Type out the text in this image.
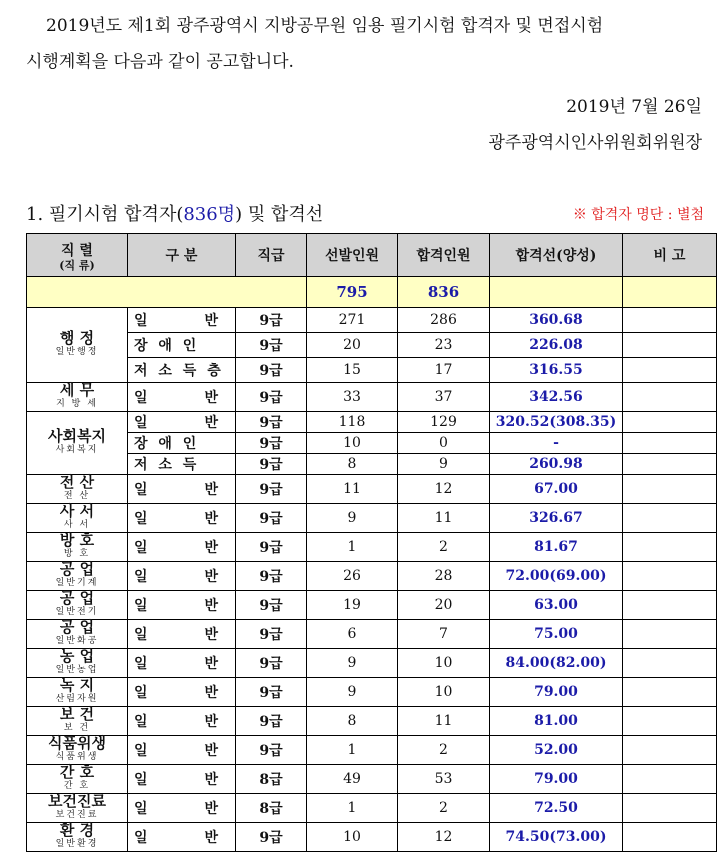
2019년도 제1회 광주광역시 지방공무원 임용 필기시험 합격자 및 면접시험
시행계획을 다음과 같이 공고합니다.
2019년 7월 26일
광주광역시인사위원회위원장
1. 필기시험 합격자(836명) 및 합격선	※ 합격자 명단 : 별첨
직 렬
(직 류)	구 분	직급	선발인원	합격인원	합격선(양성)	비 고
			795	836		
행 정
일반행정	일 반	9급	271	286	360.68	
	장 애 인	9급	20	23	226.08	
	저 소 득 층	9급	15	17	316.55	
세 무
지 방 세	일 반	9급	33	37	342.56	
사회복지
사회복지	일 반	9급	118	129	320.52(308.35)	
	장 애 인	9급	10	0	-	
	저 소 득	9급	8	9	260.98	
전 산
전 산	일 반	9급	11	12	67.00	
사 서
사 서	일 반	9급	9	11	326.67	
방 호
방 호	일 반	9급	1	2	81.67	
공 업
일반기계	일 반	9급	26	28	72.00(69.00)	
공 업
일반전기	일 반	9급	19	20	63.00	
공 업
일반화공	일 반	9급	6	7	75.00	
농 업
일반농업	일 반	9급	9	10	84.00(82.00)	
녹 지
산림자원	일 반	9급	9	10	79.00	
보 건
보 건	일 반	9급	8	11	81.00	
식품위생
식품위생	일 반	9급	1	2	52.00	
간 호
간 호	일 반	8급	49	53	79.00	
보건진료
보건진료	일 반	8급	1	2	72.50	
환 경
일반환경	일 반	9급	10	12	74.50(73.00)	
